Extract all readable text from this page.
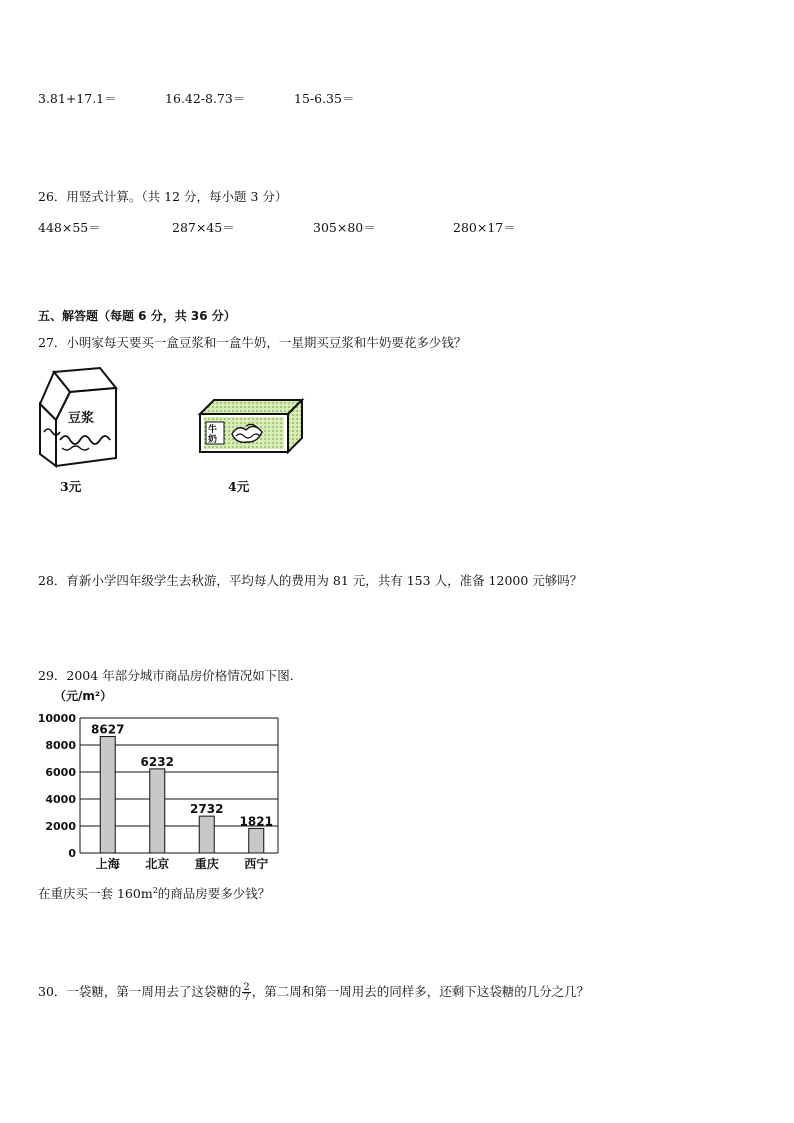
3.81+17.1＝	16.42-8.73＝	15-6.35＝
26．用竖式计算。（共 12 分，每小题 3 分）
448×55＝	287×45＝	305×80＝	280×17＝
五、解答题（每题 6 分，共 36 分）
27．小明家每天要买一盒豆浆和一盒牛奶，一星期买豆浆和牛奶要花多少钱？
豆浆
3元
牛
奶
4元
28．育新小学四年级学生去秋游，平均每人的费用为 81 元，共有 153 人，准备 12000 元够吗？
29．2004 年部分城市商品房价格情况如下图．
（元/m²）
0
2000
4000
6000
8000
10000
8627
上海
6232
北京
2732
重庆
1821
西宁
在重庆买一套 $160m^2$的商品房要多少钱？
30．一袋糖，第一周用去了这袋糖的 $\frac{2}{7}$ ，第二周和第一周用去的同样多，还剩下这袋糖的几分之几？
